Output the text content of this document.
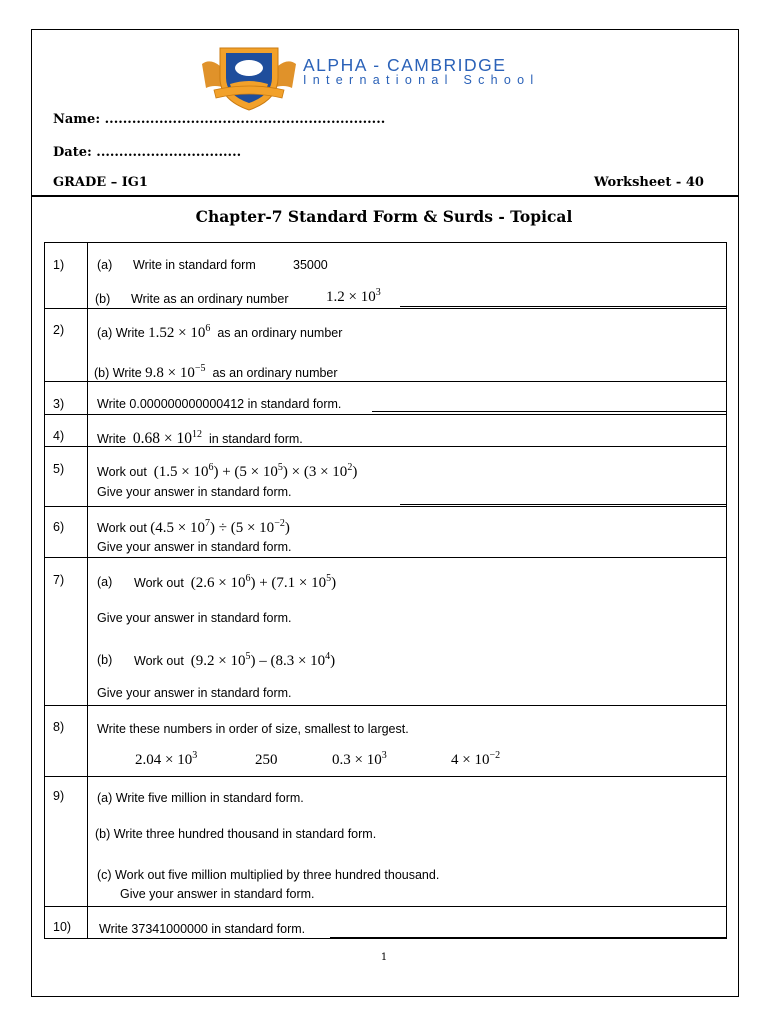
ALPHA - CAMBRIDGE
International School
Name: ..............................................................
Date: ................................
GRADE – IG1	Worksheet - 40
Chapter-7 Standard Form & Surds - Topical
1)	(a) Write in standard form	35000
(b) Write as an ordinary number	$1.2 \times 10^3$
2)	(a) Write $1.52 \times 10^6$ as an ordinary number
(b) Write $9.8 \times 10^{-5}$ as an ordinary number
3)	Write 0.000000000000412 in standard form.
4)	Write $0.68 \times 10^{12}$ in standard form.
5)	Work out $(1.5 \times 10^6) + (5 \times 10^5) \times (3 \times 10^2)$
Give your answer in standard form.
6)	Work out $(4.5 \times 10^7) \div (5 \times 10^{-2})$
Give your answer in standard form.
7)	(a) Work out $(2.6 \times 10^6) + (7.1 \times 10^5)$
Give your answer in standard form.
(b) Work out $(9.2 \times 10^5) - (8.3 \times 10^4)$
Give your answer in standard form.
8)	Write these numbers in order of size, smallest to largest.
$2.04 \times 10^3$	250	$0.3 \times 10^3$	$4 \times 10^{-2}$
9)	(a) Write five million in standard form.
(b) Write three hundred thousand in standard form.
(c) Work out five million multiplied by three hundred thousand.
Give your answer in standard form.
10) Write 37341000000 in standard form.
1
